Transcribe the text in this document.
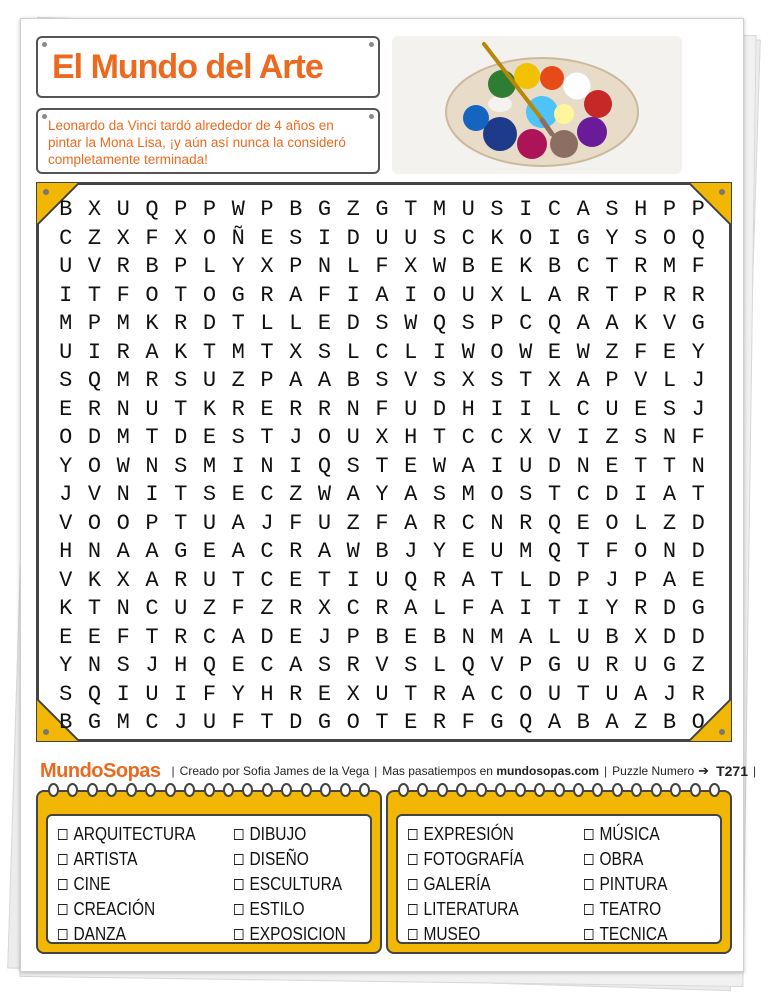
El Mundo del Arte
Leonardo da Vinci tardó alrededor de 4 años en pintar la Mona Lisa, ¡y aún así nunca la consideró completamente terminada!
B X U Q P P W P B G Z G T M U S I C A S H P P
C Z X F X O Ñ E S I D U U S C K O I G Y S O Q
U V R B P L Y X P N L F X W B E K B C T R M F
I T F O T O G R A F I A I O U X L A R T P R R
M P M K R D T L L E D S W Q S P C Q A A K V G
U I R A K T M T X S L C L I W O W E W Z F E Y
S Q M R S U Z P A A B S V S X S T X A P V L J
E R N U T K R E R R N F U D H I I L C U E S J
O D M T D E S T J O U X H T C C X V I Z S N F
Y O W N S M I N I Q S T E W A I U D N E T T N
J V N I T S E C Z W A Y A S M O S T C D I A T
V O O P T U A J F U Z F A R C N R Q E O L Z D
H N A A G E A C R A W B J Y E U M Q T F O N D
V K X A R U T C E T I U Q R A T L D P J P A E
K T N C U Z F Z R X C R A L F A I T I Y R D G
E E F T R C A D E J P B E B N M A L U B X D D
Y N S J H Q E C A S R V S L Q V P G U R U G Z
S Q I U I F Y H R E X U T R A C O U T U A J R
B G M C J U F T D G O T E R F G Q A B A Z B O
MundoSopas | Creado por Sofia James de la Vega | Mas pasatiempos en
mundosopas.com | Puzzle Numero ➔ T271 |
ARQUITECTURA
ARTISTA
CINE
CREACIÓN
DANZA
DIBUJO
DISEÑO
ESCULTURA
ESTILO
EXPOSICION
EXPRESIÓN
FOTOGRAFÍA
GALERÍA
LITERATURA
MUSEO
MÚSICA
OBRA
PINTURA
TEATRO
TECNICA
